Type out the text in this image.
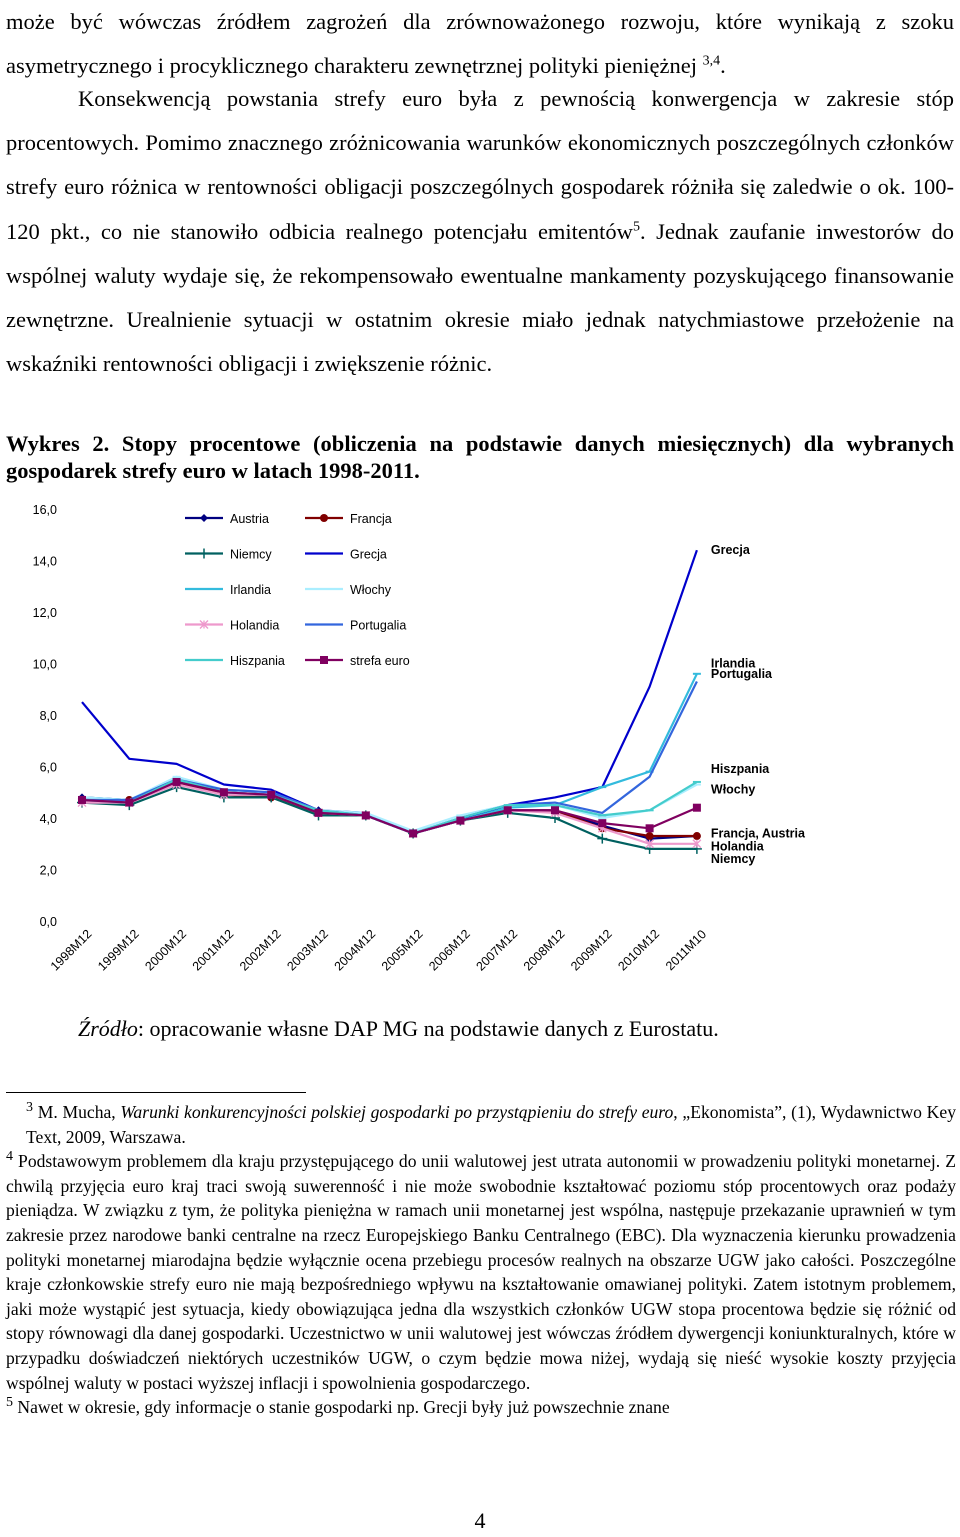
może być wówczas źródłem zagrożeń dla zrównoważonego rozwoju, które wynikają z szoku asymetrycznego i procyklicznego charakteru zewnętrznej polityki pieniężnej $^{3,4}$.

Konsekwencją powstania strefy euro była z pewnością konwergencja w zakresie stóp procentowych. Pomimo znacznego zróżnicowania warunków ekonomicznych poszczególnych członków strefy euro różnica w rentowności obligacji poszczególnych gospodarek różniła się zaledwie o ok. 100-120 pkt., co nie stanowiło odbicia realnego potencjału emitentów$^5$. Jednak zaufanie inwestorów do wspólnej waluty wydaje się, że rekompensowało ewentualne mankamenty pozyskującego finansowanie zewnętrzne. Urealnienie sytuacji w ostatnim okresie miało jednak natychmiastowe przełożenie na wskaźniki rentowności obligacji i zwiększenie różnic.

Wykres 2. Stopy procentowe (obliczenia na podstawie danych miesięcznych) dla wybranych gospodarek strefy euro w latach 1998-2011.

0,0
2,0
4,0
6,0
8,0
10,0
12,0
14,0
16,0
1998M12 1999M12 2000M12 2001M12 2002M12 2003M12 2004M12 2005M12 2006M12 2007M12 2008M12 2009M12 2010M12 2011M10
Austria	Francja
Niemcy	Grecja
Irlandia	Włochy
Holandia	Portugalia
Hiszpania	strefa euro
Grecja
Irlandia
Portugalia
Hiszpania
Włochy
Francja, Austria
Holandia
Niemcy
Źródło: opracowanie własne DAP MG na podstawie danych z Eurostatu.

$^3$ M. Mucha, Warunki konkurencyjności polskiej gospodarki po przystąpieniu do strefy euro, „Ekonomista”, (1), Wydawnictwo Key Text, 2009, Warszawa.

$^4$ Podstawowym problemem dla kraju przystępującego do unii walutowej jest utrata autonomii w prowadzeniu polityki monetarnej. Z chwilą przyjęcia euro kraj traci swoją suwerenność i nie może swobodnie kształtować poziomu stóp procentowych oraz podaży pieniądza. W związku z tym, że polityka pieniężna w ramach unii monetarnej jest wspólna, następuje przekazanie uprawnień w tym zakresie przez narodowe banki centralne na rzecz Europejskiego Banku Centralnego (EBC). Dla wyznaczenia kierunku prowadzenia polityki monetarnej miarodajna będzie wyłącznie ocena przebiegu procesów realnych na obszarze UGW jako całości. Poszczególne kraje członkowskie strefy euro nie mają bezpośredniego wpływu na kształtowanie omawianej polityki. Zatem istotnym problemem, jaki może wystąpić jest sytuacja, kiedy obowiązująca jedna dla wszystkich członków UGW stopa procentowa będzie się różnić od stopy równowagi dla danej gospodarki. Uczestnictwo w unii walutowej jest wówczas źródłem dywergencji koniunkturalnych, które w przypadku doświadczeń niektórych uczestników UGW, o czym będzie mowa niżej, wydają się nieść wysokie koszty przyjęcia wspólnej waluty w postaci wyższej inflacji i spowolnienia gospodarczego.

$^5$ Nawet w okresie, gdy informacje o stanie gospodarki np. Grecji były już powszechnie znane

4
